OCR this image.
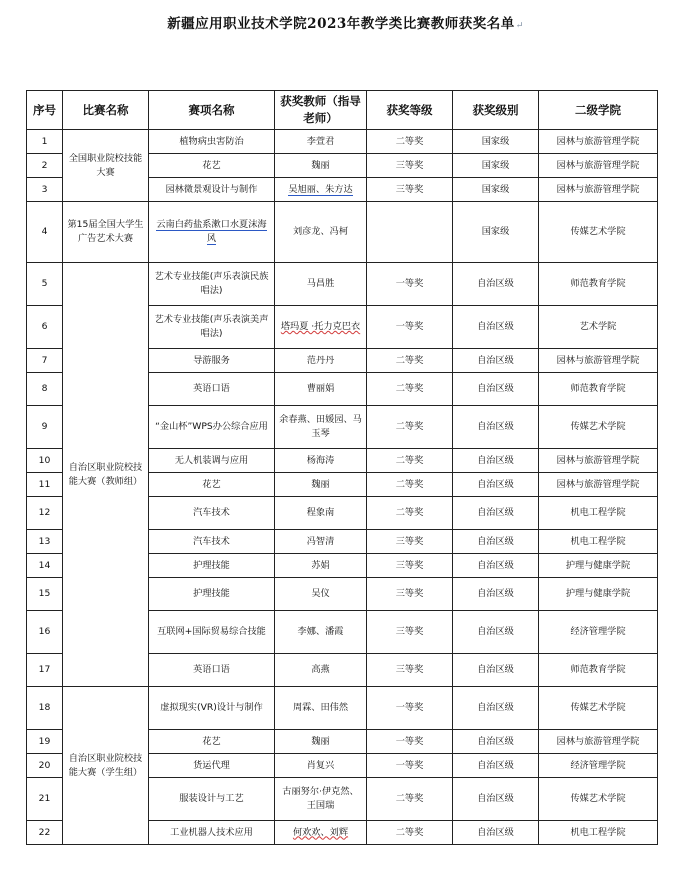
新疆应用职业技术学院2023年教学类比赛教师获奖名单↵
序号	比赛名称	赛项名称	获奖教师（指导老师）	获奖等级	获奖级别	二级学院
1	全国职业院校技能大赛	植物病虫害防治	李萱君	二等奖	国家级	园林与旅游管理学院
2		花艺	魏丽	三等奖	国家级	园林与旅游管理学院
3		园林微景观设计与制作	吴旭丽、朱方达	三等奖	国家级	园林与旅游管理学院
4	第15届全国大学生广告艺术大赛	云南白药盐系漱口水夏沫海风	刘彦龙、冯柯		国家级	传媒艺术学院
5	自治区职业院校技能大赛（教师组）	艺术专业技能(声乐表演民族唱法)	马昌胜	一等奖	自治区级	师范教育学院
6		艺术专业技能(声乐表演美声唱法)	塔玛夏 ·托力克巴衣	一等奖	自治区级	艺术学院
7		导游服务	范丹丹	二等奖	自治区级	园林与旅游管理学院
8		英语口语	曹丽娟	二等奖	自治区级	师范教育学院
9		“金山杯”WPS办公综合应用	余春燕、田媛园、马玉琴	二等奖	自治区级	传媒艺术学院
10		无人机装调与应用	杨海涛	二等奖	自治区级	园林与旅游管理学院
11		花艺	魏丽	二等奖	自治区级	园林与旅游管理学院
12		汽车技术	程象南	二等奖	自治区级	机电工程学院
13		汽车技术	冯智清	三等奖	自治区级	机电工程学院
14		护理技能	苏娟	三等奖	自治区级	护理与健康学院
15		护理技能	吴仪	三等奖	自治区级	护理与健康学院
16		互联网+国际贸易综合技能	李娜、潘霞	三等奖	自治区级	经济管理学院
17		英语口语	高燕	三等奖	自治区级	师范教育学院
18	自治区职业院校技能大赛（学生组）	虚拟现实(VR)设计与制作	周霖、田伟然	一等奖	自治区级	传媒艺术学院
19		花艺	魏丽	一等奖	自治区级	园林与旅游管理学院
20		货运代理	肖复兴	一等奖	自治区级	经济管理学院
21		服装设计与工艺	古丽努尔·伊克然、王国瑞	二等奖	自治区级	传媒艺术学院
22		工业机器人技术应用	何欢欢、刘辉	二等奖	自治区级	机电工程学院
